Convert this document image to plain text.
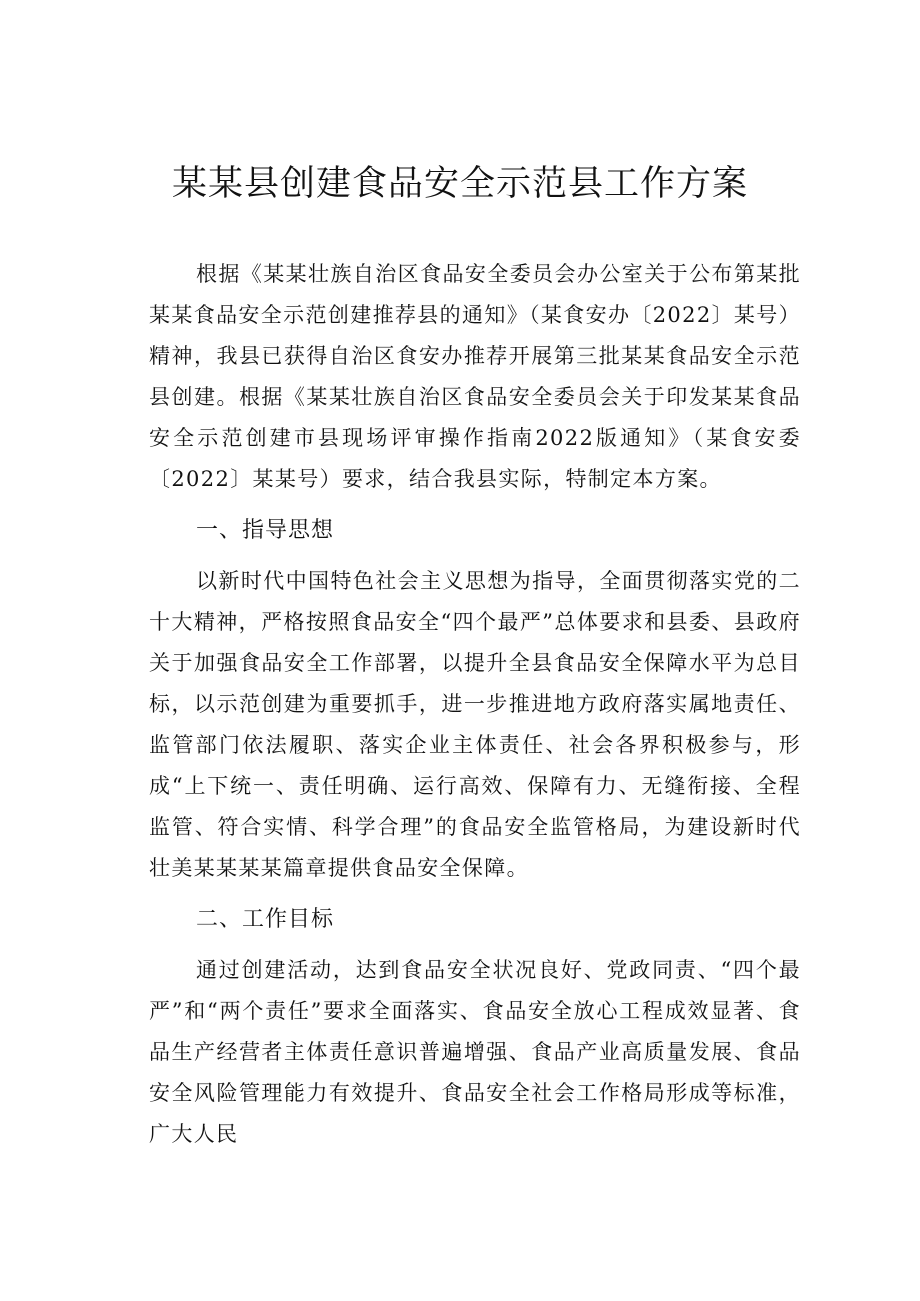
某某县创建食品安全示范县工作方案

根据《某某壮族自治区食品安全委员会办公室关于公布第某批某某食品安全示范创建推荐县的通知》（某食安办〔2022〕某号）精神，我县已获得自治区食安办推荐开展第三批某某食品安全示范县创建。根据《某某壮族自治区食品安全委员会关于印发某某食品安全示范创建市县现场评审操作指南2022版通知》（某食安委〔2022〕某某号）要求，结合我县实际，特制定本方案。

一、指导思想

以新时代中国特色社会主义思想为指导，全面贯彻落实党的二十大精神，严格按照食品安全“四个最严”总体要求和县委、县政府关于加强食品安全工作部署，以提升全县食品安全保障水平为总目标，以示范创建为重要抓手，进一步推进地方政府落实属地责任、监管部门依法履职、落实企业主体责任、社会各界积极参与，形成“上下统一、责任明确、运行高效、保障有力、无缝衔接、全程监管、符合实情、科学合理”的食品安全监管格局，为建设新时代壮美某某某某篇章提供食品安全保障。

二、工作目标

通过创建活动，达到食品安全状况良好、党政同责、“四个最严”和“两个责任”要求全面落实、食品安全放心工程成效显著、食品生产经营者主体责任意识普遍增强、食品产业高质量发展、食品安全风险管理能力有效提升、食品安全社会工作格局形成等标准，广大人民
